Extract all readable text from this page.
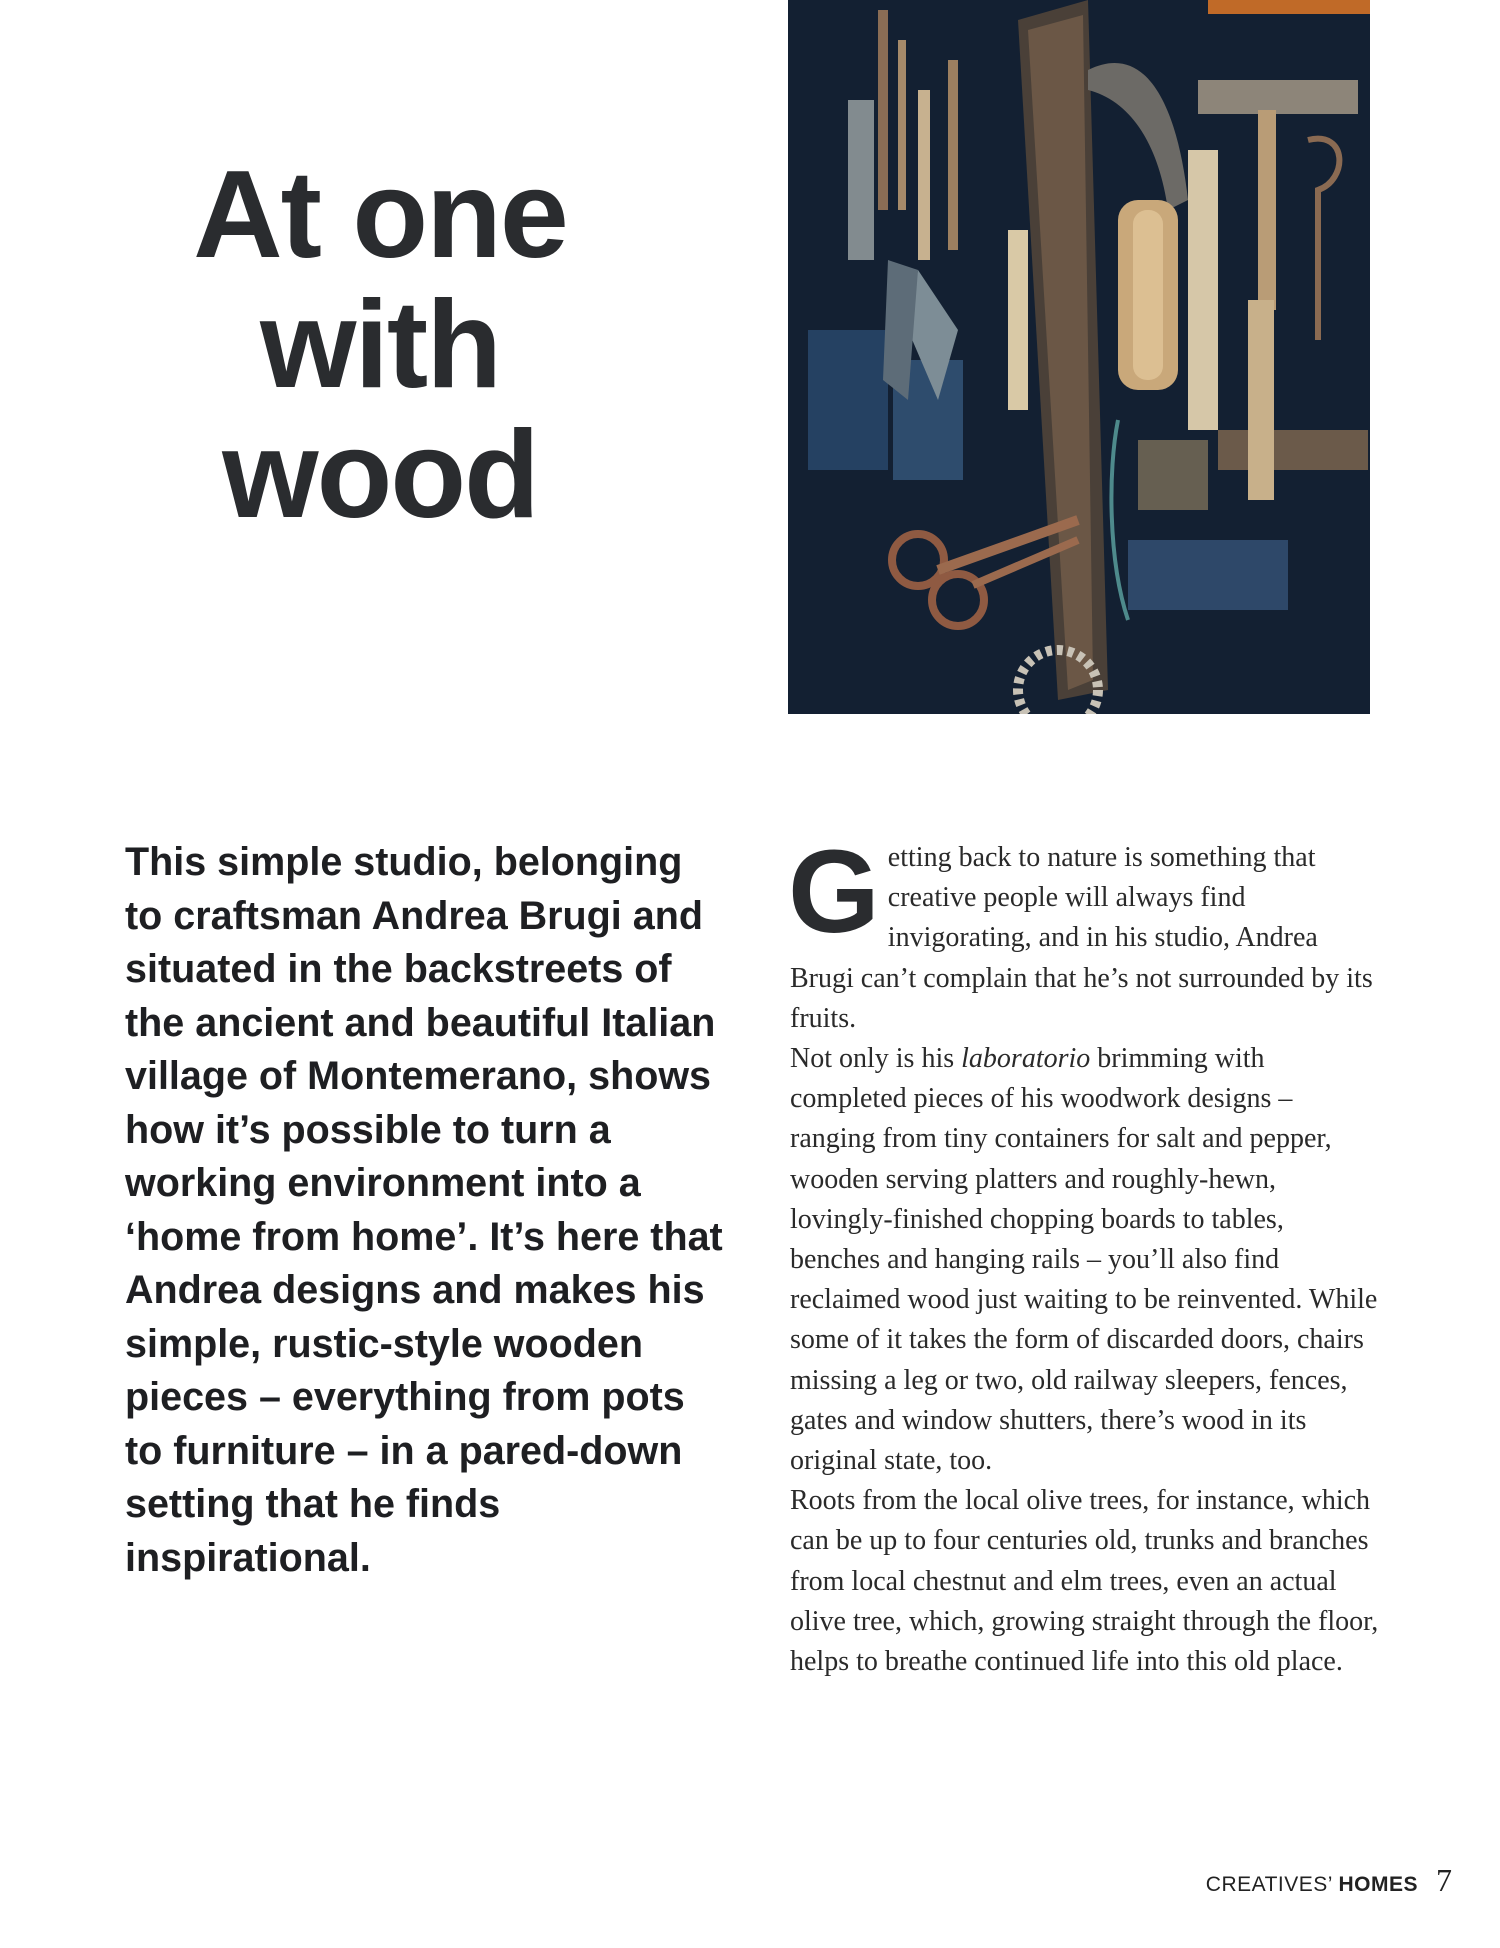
At one
with
wood

This simple studio, belonging to craftsman Andrea Brugi and situated in the backstreets of the ancient and beautiful Italian village of Montemerano, shows how it’s possible to turn a working environment into a ‘home from home’. It’s here that Andrea designs and makes his simple, rustic-style wooden pieces – everything from pots to furniture – in a pared-down setting that he finds inspirational.

G etting back to nature is something that creative people will always find invigorating, and in his studio, Andrea Brugi can’t complain that he’s not surrounded by its fruits.
Not only is his laboratorio brimming with completed pieces of his woodwork designs – ranging from tiny containers for salt and pepper, wooden serving platters and roughly-hewn, lovingly-finished chopping boards to tables, benches and hanging rails – you’ll also find reclaimed wood just waiting to be reinvented. While some of it takes the form of discarded doors, chairs missing a leg or two, old railway sleepers, fences, gates and window shutters, there’s wood in its original state, too.
Roots from the local olive trees, for instance, which can be up to four centuries old, trunks and branches from local chestnut and elm trees, even an actual olive tree, which, growing straight through the floor, helps to breathe continued life into this old place.
CREATIVES’ HOMES 7
